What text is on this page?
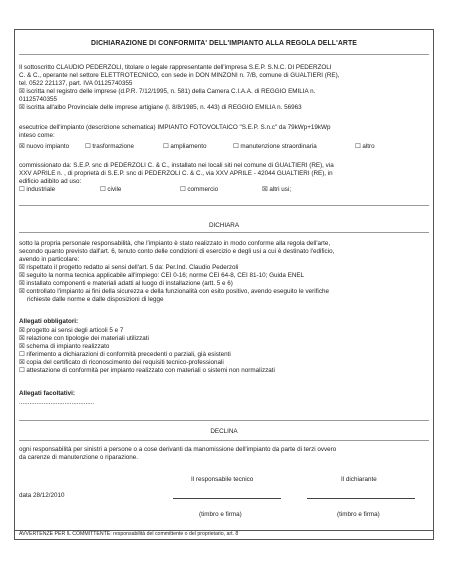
DICHIARAZIONE DI CONFORMITA' DELL'IMPIANTO ALLA REGOLA DELL'ARTE
Il sottoscritto CLAUDIO PEDERZOLI, titolare o legale rappresentante dell'impresa S.E.P. S.N.C. DI PEDERZOLI
C. & C., operante nel settore ELETTROTECNICO, con sede in DON MINZONI n. 7/B, comune di GUALTIERI (RE),
tel. 0522 221137, part. IVA 01125740355
☒ iscritta nel registro delle imprese (d.P.R. 7/12/1995, n. 581) della Camera C.I.A.A. di REGGIO EMILIA n.
01125740355
☒ iscritta all'albo Provinciale delle imprese artigiane (l. 8/8/1985, n. 443) di REGGIO EMILIA n. 56963
esecutrice dell'impianto (descrizione schematica) IMPIANTO FOTOVOLTAICO "S.E.P. S.n.c" da 79kWp+19kWp
inteso come:
☒ nuovo impianto	☐ trasformazione	☐ ampliamento	☐ manutenzione straordinaria	☐ altro
commissionato da: S.E.P. snc di PEDERZOLI C. & C., installato nei locali siti nel comune di GUALTIERI (RE), via
XXV APRILE n. , di proprietà di S.E.P. snc di PEDERZOLI C. & C., via XXV APRILE - 42044 GUALTIERI (RE), in
edificio adibito ad uso:
☐ industriale	☐ civile	☐ commercio	☒ altri usi;
DICHIARA
sotto la propria personale responsabilità, che l'impianto è stato realizzato in modo conforme alla regola dell'arte,
secondo quanto previsto dall'art. 6, tenuto conto delle condizioni di esercizio e degli usi a cui è destinato l'edificio,
avendo in particolare:
☒ rispettato il progetto redatto ai sensi dell'art. 5 da: Per.Ind. Claudio Pederzoli
☒ seguito la norma tecnica applicabile all'impiego: CEI 0-16; norme CEI 64-8, CEI 81-10; Guida ENEL
☒ installato componenti e materiali adatti al luogo di installazione (artt. 5 e 6)
☒ controllato l'impianto ai fini della sicurezza e della funzionalità con esito positivo, avendo eseguito le verifiche
richieste dalle norme e dalle disposizioni di legge
Allegati obbligatori:
☒ progetto ai sensi degli articoli 5 e 7
☒ relazione con tipologie dei materiali utilizzati
☒ schema di impianto realizzato
☐ riferimento a dichiarazioni di conformità precedenti o parziali, già esistenti
☒ copia del certificato di riconoscimento dei requisiti tecnico-professionali
☐ attestazione di conformità per impianto realizzato con materiali o sistemi non normalizzati
Allegati facoltativi:
...........................................
DECLINA
ogni responsabilità per sinistri a persone o a cose derivanti da manomissione dell'impianto da parte di terzi ovvero
da carenze di manutenzione o riparazione.
Il responsabile tecnico	Il dichiarante
data 28/12/2010
(timbro e firma)	(timbro e firma)
AVVERTENZE PER IL COMMITTENTE: responsabilità del committente o del proprietario, art. 8
